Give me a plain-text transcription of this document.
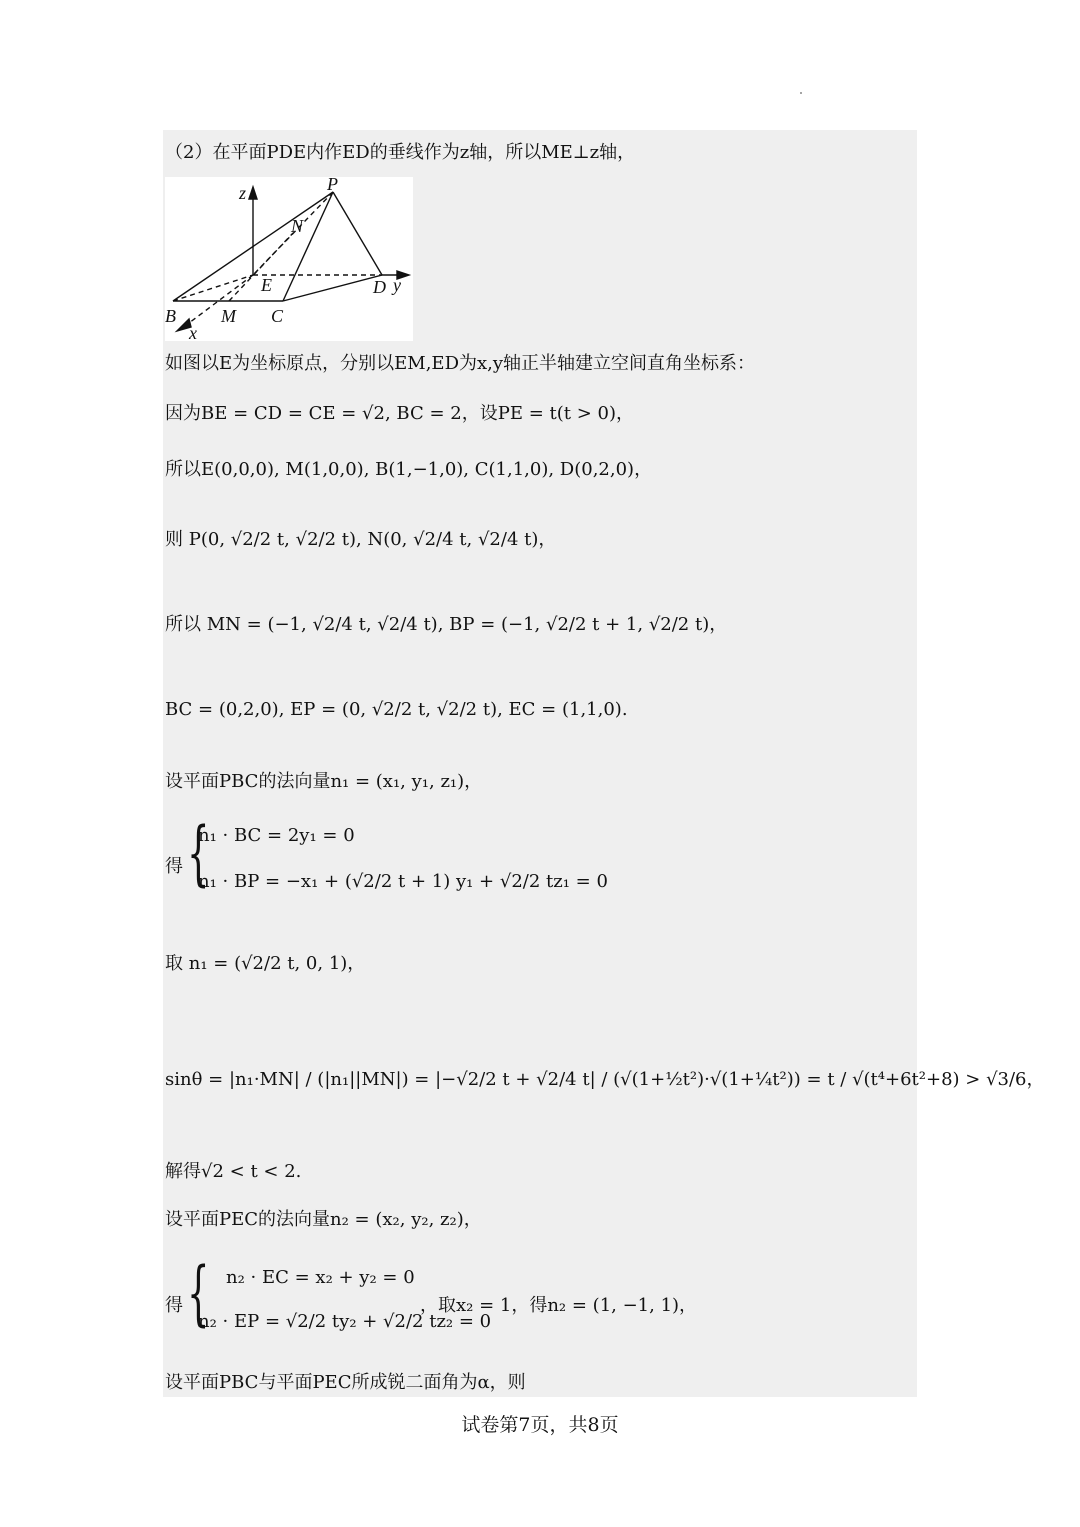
（2）在平面PDE内作ED的垂线作为z轴，所以ME⊥z轴，
z	P
N
E	D y
B	M C
x
如图以E为坐标原点，分别以EM,ED为x,y轴正半轴建立空间直角坐标系：
因为BE = CD = CE = √2, BC = 2，设PE = t(t > 0)，
所以E(0,0,0), M(1,0,0), B(1,−1,0), C(1,1,0), D(0,2,0)，
则 P(0, √2/2 t, √2/2 t), N(0, √2/4 t, √2/4 t)，
所以 MN = (−1, √2/4 t, √2/4 t), BP = (−1, √2/2 t + 1, √2/2 t)，
BC = (0,2,0), EP = (0, √2/2 t, √2/2 t), EC = (1,1,0).
设平面PBC的法向量n₁ = (x₁, y₁, z₁)，
得 {
n₁ · BC = 2y₁ = 0
n₁ · BP = −x₁ + (√2/2 t + 1) y₁ + √2/2 tz₁ = 0
取 n₁ = (√2/2 t, 0, 1)，
sinθ = |n₁·MN| / (|n₁||MN|) = |−√2/2 t + √2/4 t| / (√(1+½t²)·√(1+¼t²)) = t / √(t⁴+6t²+8) > √3/6，
解得√2 < t < 2.
设平面PEC的法向量n₂ = (x₂, y₂, z₂)，
得 { n₂ · EC = x₂ + y₂ = 0
n₂ · EP = √2/2 ty₂ + √2/2 tz₂ = 0
，取x₂ = 1，得n₂ = (1, −1, 1)，
设平面PBC与平面PEC所成锐二面角为α，则
试卷第7页，共8页
